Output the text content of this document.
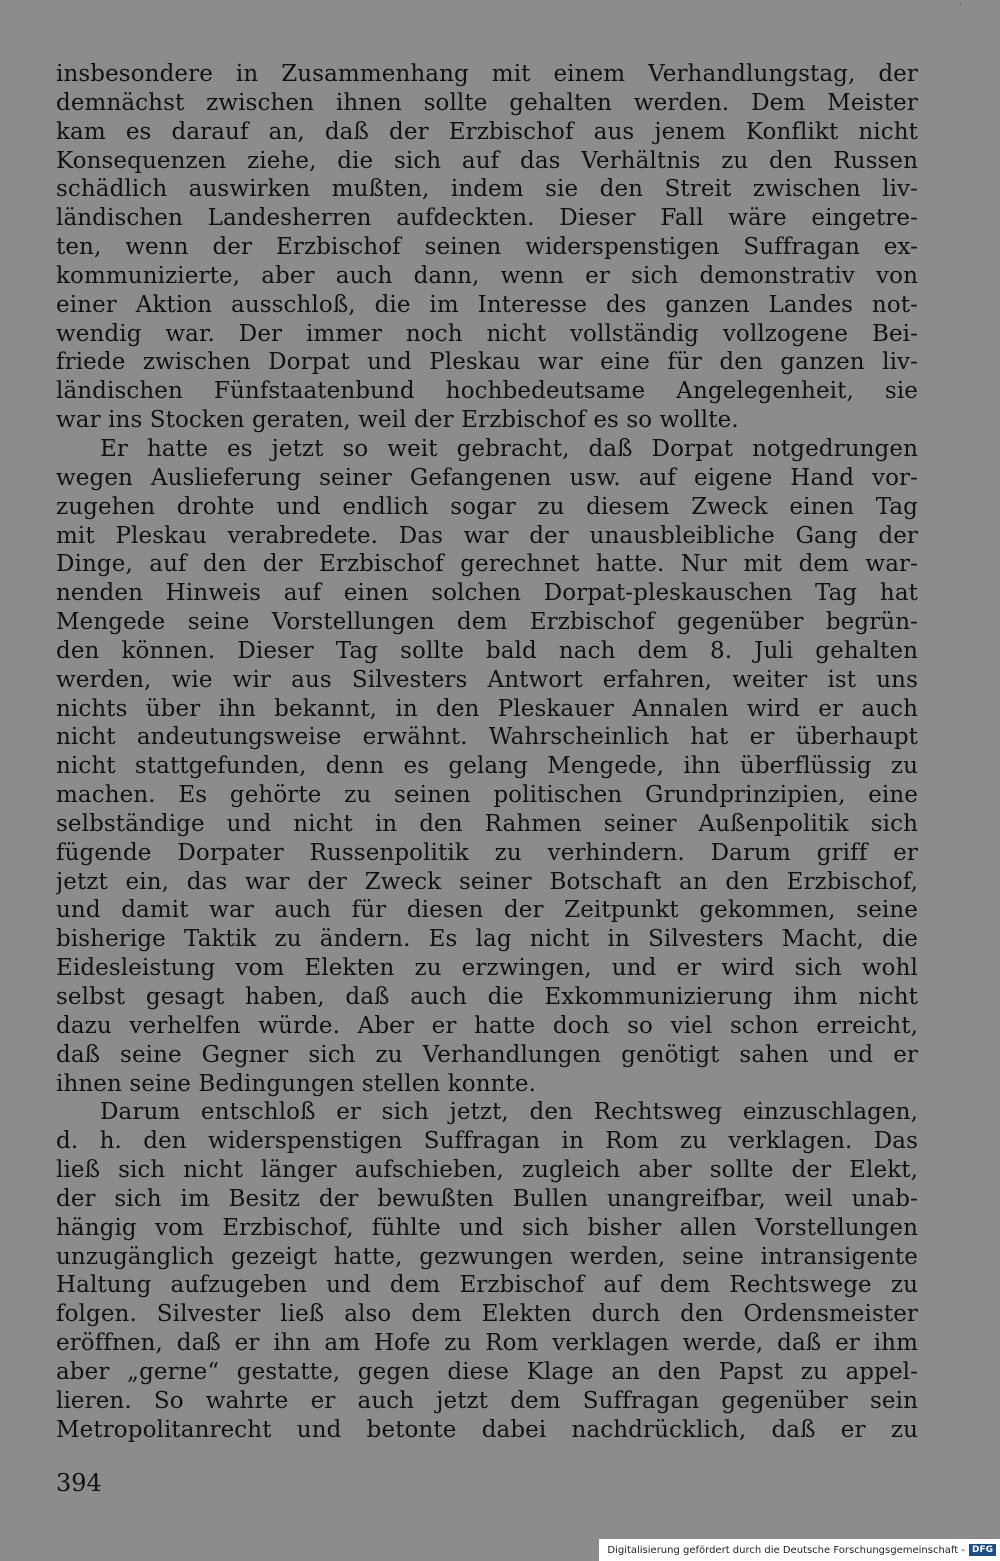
·
insbesondere in Zusammenhang mit einem Verhandlungstag, der
demnächst zwischen ihnen sollte gehalten werden. Dem Meister
kam es darauf an, daß der Erzbischof aus jenem Konflikt nicht
Konsequenzen ziehe, die sich auf das Verhältnis zu den Russen
schädlich auswirken mußten, indem sie den Streit zwischen liv-
ländischen Landesherren aufdeckten. Dieser Fall wäre eingetre-
ten, wenn der Erzbischof seinen widerspenstigen Suffragan ex-
kommunizierte, aber auch dann, wenn er sich demonstrativ von
einer Aktion ausschloß, die im Interesse des ganzen Landes not-
wendig war. Der immer noch nicht vollständig vollzogene Bei-
friede zwischen Dorpat und Pleskau war eine für den ganzen liv-
ländischen Fünfstaatenbund hochbedeutsame Angelegenheit, sie
war ins Stocken geraten, weil der Erzbischof es so wollte.
Er hatte es jetzt so weit gebracht, daß Dorpat notgedrungen
wegen Auslieferung seiner Gefangenen usw. auf eigene Hand vor-
zugehen drohte und endlich sogar zu diesem Zweck einen Tag
mit Pleskau verabredete. Das war der unausbleibliche Gang der
Dinge, auf den der Erzbischof gerechnet hatte. Nur mit dem war-
nenden Hinweis auf einen solchen Dorpat-pleskauschen Tag hat
Mengede seine Vorstellungen dem Erzbischof gegenüber begrün-
den können. Dieser Tag sollte bald nach dem 8. Juli gehalten
werden, wie wir aus Silvesters Antwort erfahren, weiter ist uns
nichts über ihn bekannt, in den Pleskauer Annalen wird er auch
nicht andeutungsweise erwähnt. Wahrscheinlich hat er überhaupt
nicht stattgefunden, denn es gelang Mengede, ihn überflüssig zu
machen. Es gehörte zu seinen politischen Grundprinzipien, eine
selbständige und nicht in den Rahmen seiner Außenpolitik sich
fügende Dorpater Russenpolitik zu verhindern. Darum griff er
jetzt ein, das war der Zweck seiner Botschaft an den Erzbischof,
und damit war auch für diesen der Zeitpunkt gekommen, seine
bisherige Taktik zu ändern. Es lag nicht in Silvesters Macht, die
Eidesleistung vom Elekten zu erzwingen, und er wird sich wohl
selbst gesagt haben, daß auch die Exkommunizierung ihm nicht
dazu verhelfen würde. Aber er hatte doch so viel schon erreicht,
daß seine Gegner sich zu Verhandlungen genötigt sahen und er
ihnen seine Bedingungen stellen konnte.
Darum entschloß er sich jetzt, den Rechtsweg einzuschlagen,
d. h. den widerspenstigen Suffragan in Rom zu verklagen. Das
ließ sich nicht länger aufschieben, zugleich aber sollte der Elekt,
der sich im Besitz der bewußten Bullen unangreifbar, weil unab-
hängig vom Erzbischof, fühlte und sich bisher allen Vorstellungen
unzugänglich gezeigt hatte, gezwungen werden, seine intransigente
Haltung aufzugeben und dem Erzbischof auf dem Rechtswege zu
folgen. Silvester ließ also dem Elekten durch den Ordensmeister
eröffnen, daß er ihn am Hofe zu Rom verklagen werde, daß er ihm
aber „gerne“ gestatte, gegen diese Klage an den Papst zu appel-
lieren. So wahrte er auch jetzt dem Suffragan gegenüber sein
Metropolitanrecht und betonte dabei nachdrücklich, daß er zu
394
Digitalisierung gefördert durch die Deutsche Forschungsgemeinschaft - DFG
